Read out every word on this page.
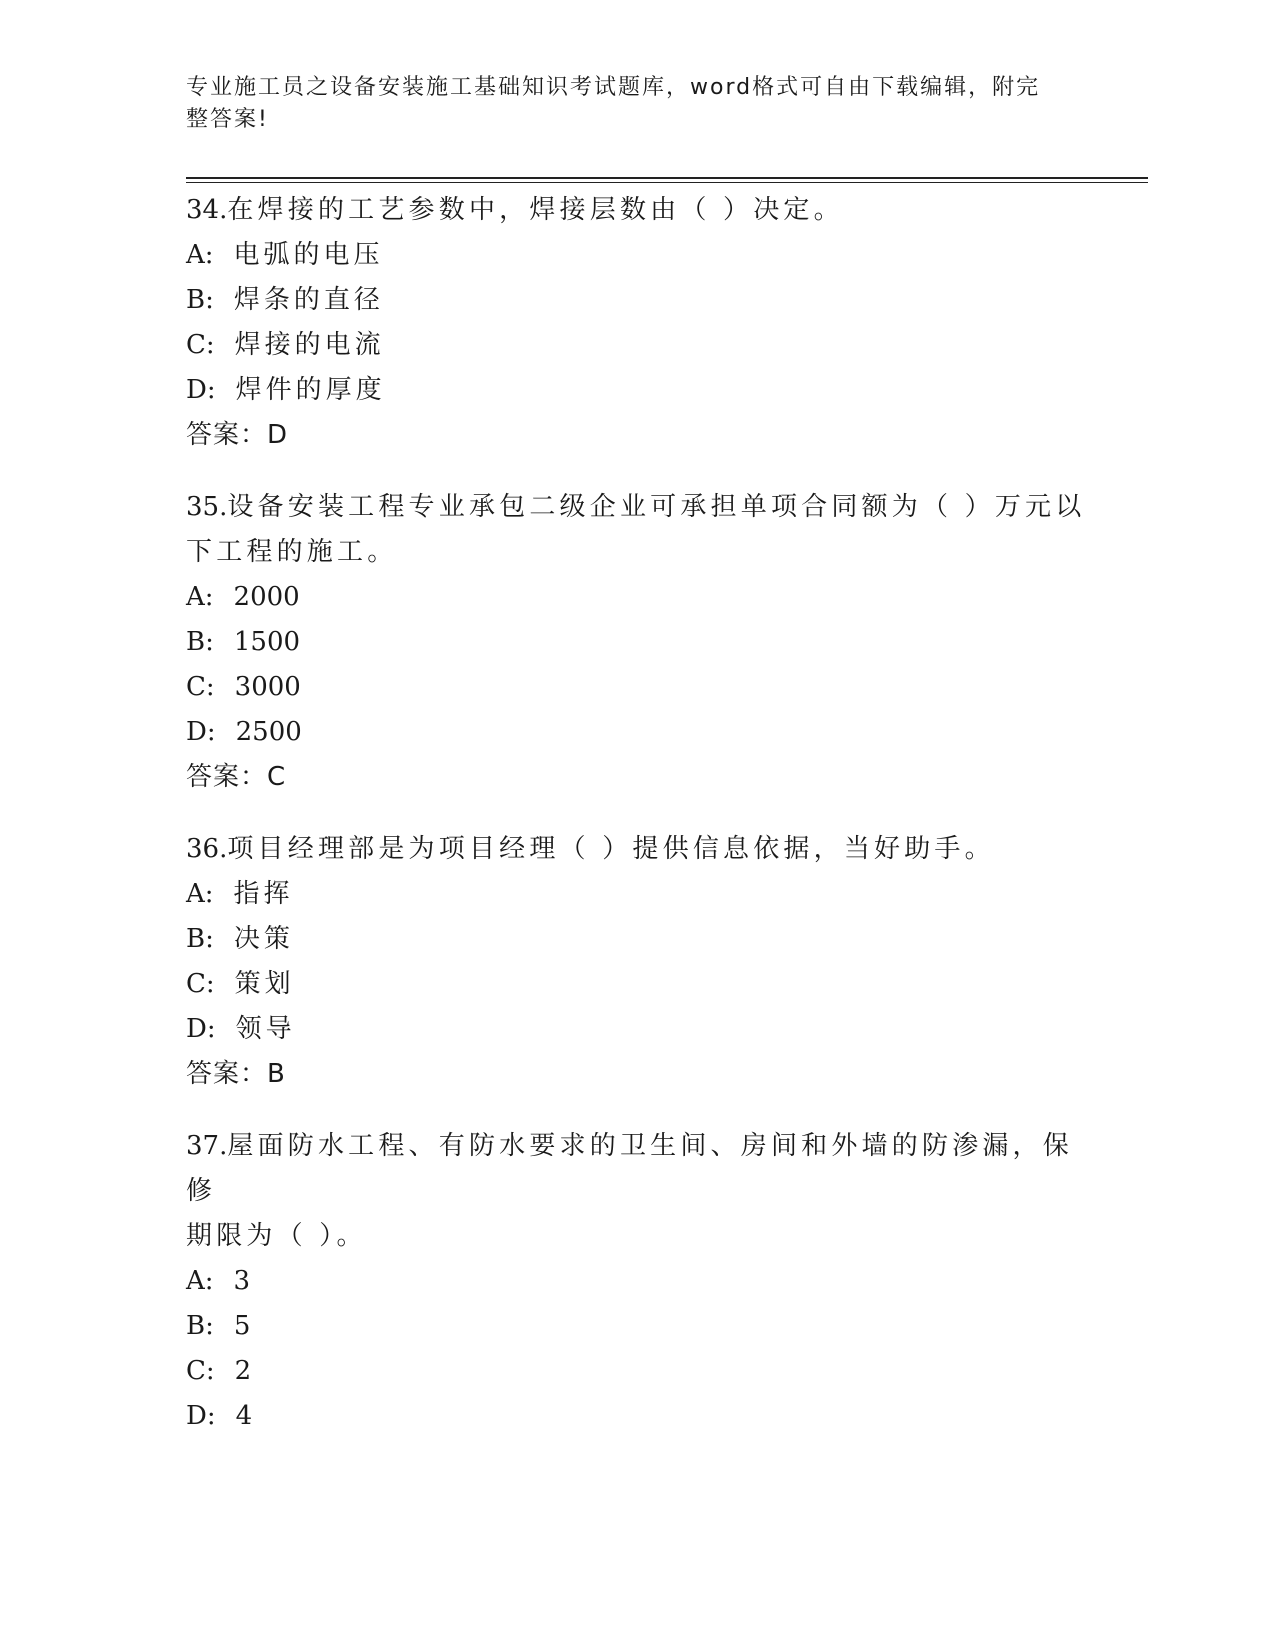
专业施工员之设备安装施工基础知识考试题库，word格式可自由下载编辑，附完
整答案!
34.在焊接的工艺参数中，焊接层数由（ ）决定。
A: 电弧的电压
B: 焊条的直径
C: 焊接的电流
D: 焊件的厚度
答案：D
35.设备安装工程专业承包二级企业可承担单项合同额为（ ）万元以
下工程的施工。
A: 2000
B: 1500
C: 3000
D: 2500
答案：C
36.项目经理部是为项目经理（ ）提供信息依据，当好助手。
A: 指挥
B: 决策
C: 策划
D: 领导
答案：B
37.屋面防水工程、有防水要求的卫生间、房间和外墙的防渗漏，保修
期限为（ ）。
A: 3
B: 5
C: 2
D: 4
